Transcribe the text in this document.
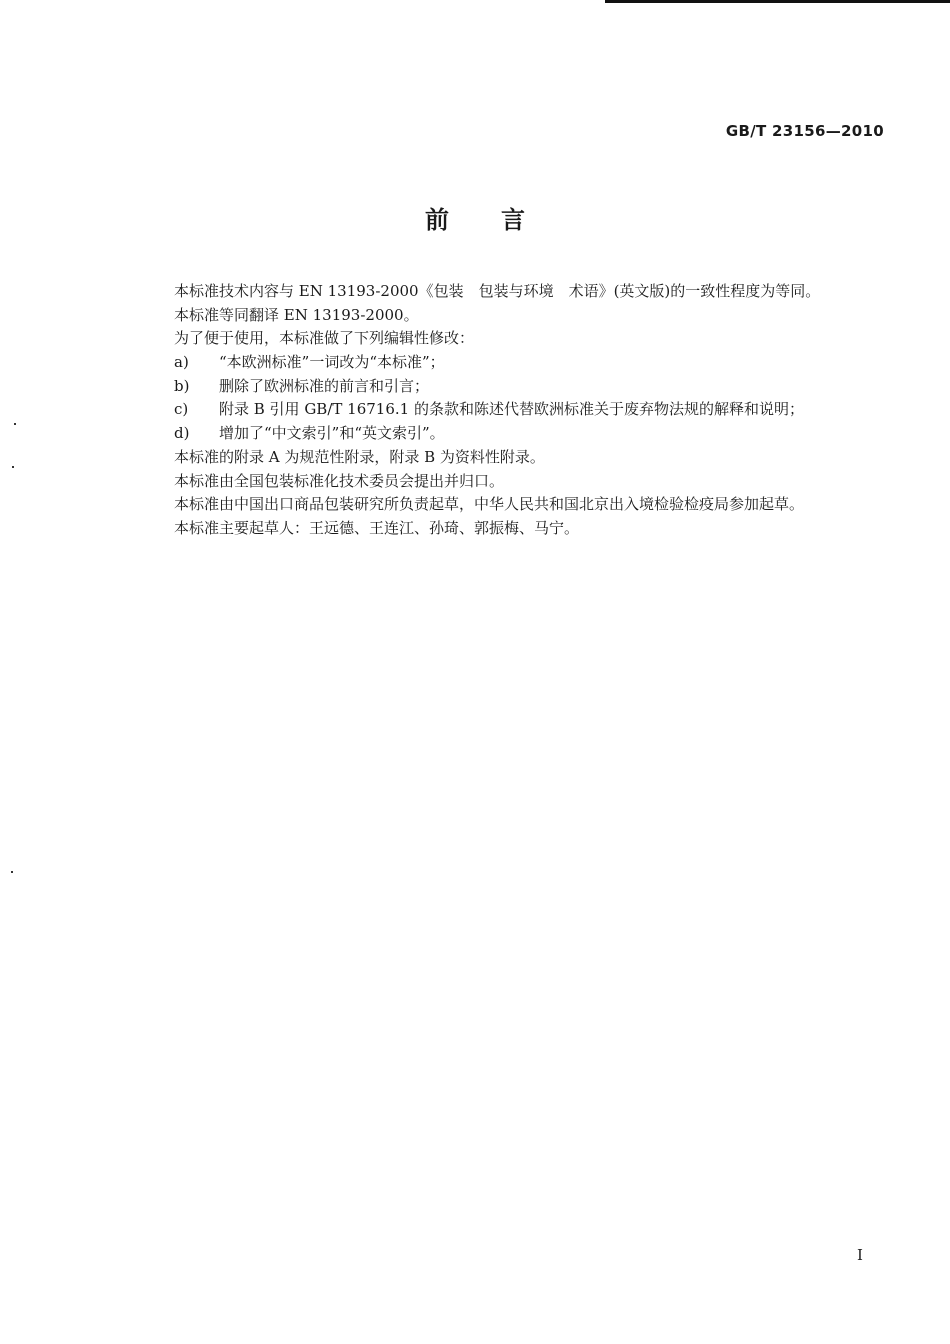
GB/T 23156—2010
前言
本标准技术内容与 EN 13193-2000《包装　包装与环境　术语》(英文版)的一致性程度为等同。
本标准等同翻译 EN 13193-2000。
为了便于使用，本标准做了下列编辑性修改：
a) “本欧洲标准”一词改为“本标准”；
b) 删除了欧洲标准的前言和引言；
c) 附录 B 引用 GB/T 16716.1 的条款和陈述代替欧洲标准关于废弃物法规的解释和说明；
d) 增加了“中文索引”和“英文索引”。
本标准的附录 A 为规范性附录，附录 B 为资料性附录。
本标准由全国包装标准化技术委员会提出并归口。
本标准由中国出口商品包装研究所负责起草，中华人民共和国北京出入境检验检疫局参加起草。
本标准主要起草人：王远德、王连江、孙琦、郭振梅、马宁。
I
